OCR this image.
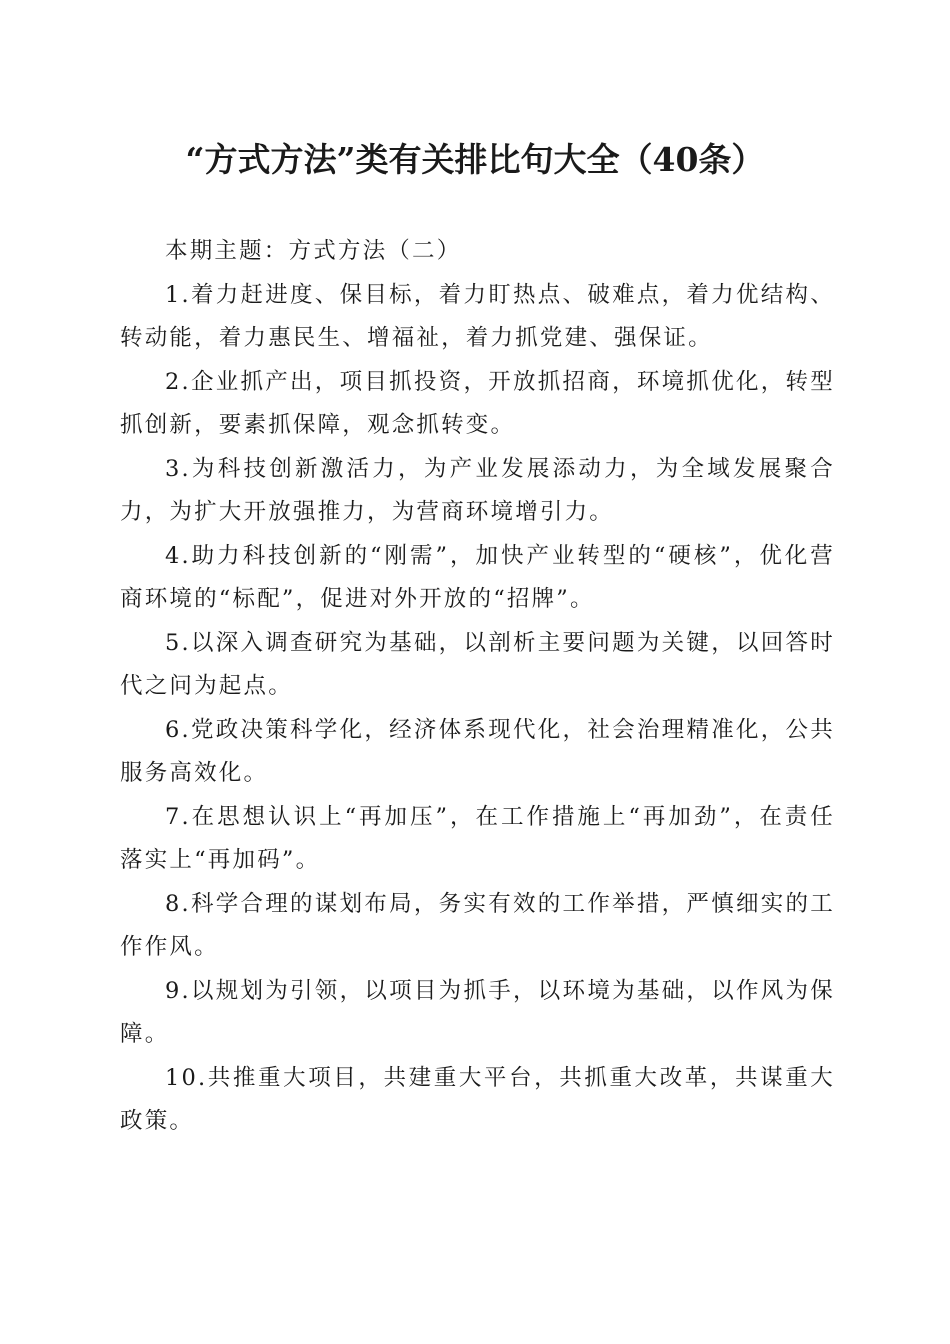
“方式方法”类有关排比句大全（40条）

本期主题：方式方法（二）

1.着力赶进度、保目标，着力盯热点、破难点，着力优结构、转动能，着力惠民生、增福祉，着力抓党建、强保证。

2.企业抓产出，项目抓投资，开放抓招商，环境抓优化，转型抓创新，要素抓保障，观念抓转变。

3.为科技创新激活力，为产业发展添动力，为全域发展聚合力，为扩大开放强推力，为营商环境增引力。

4.助力科技创新的“刚需”，加快产业转型的“硬核”，优化营商环境的“标配”，促进对外开放的“招牌”。

5.以深入调查研究为基础，以剖析主要问题为关键，以回答时代之问为起点。

6.党政决策科学化，经济体系现代化，社会治理精准化，公共服务高效化。

7.在思想认识上“再加压”，在工作措施上“再加劲”，在责任落实上“再加码”。

8.科学合理的谋划布局，务实有效的工作举措，严慎细实的工作作风。

9.以规划为引领，以项目为抓手，以环境为基础，以作风为保障。

10.共推重大项目，共建重大平台，共抓重大改革，共谋重大政策。
